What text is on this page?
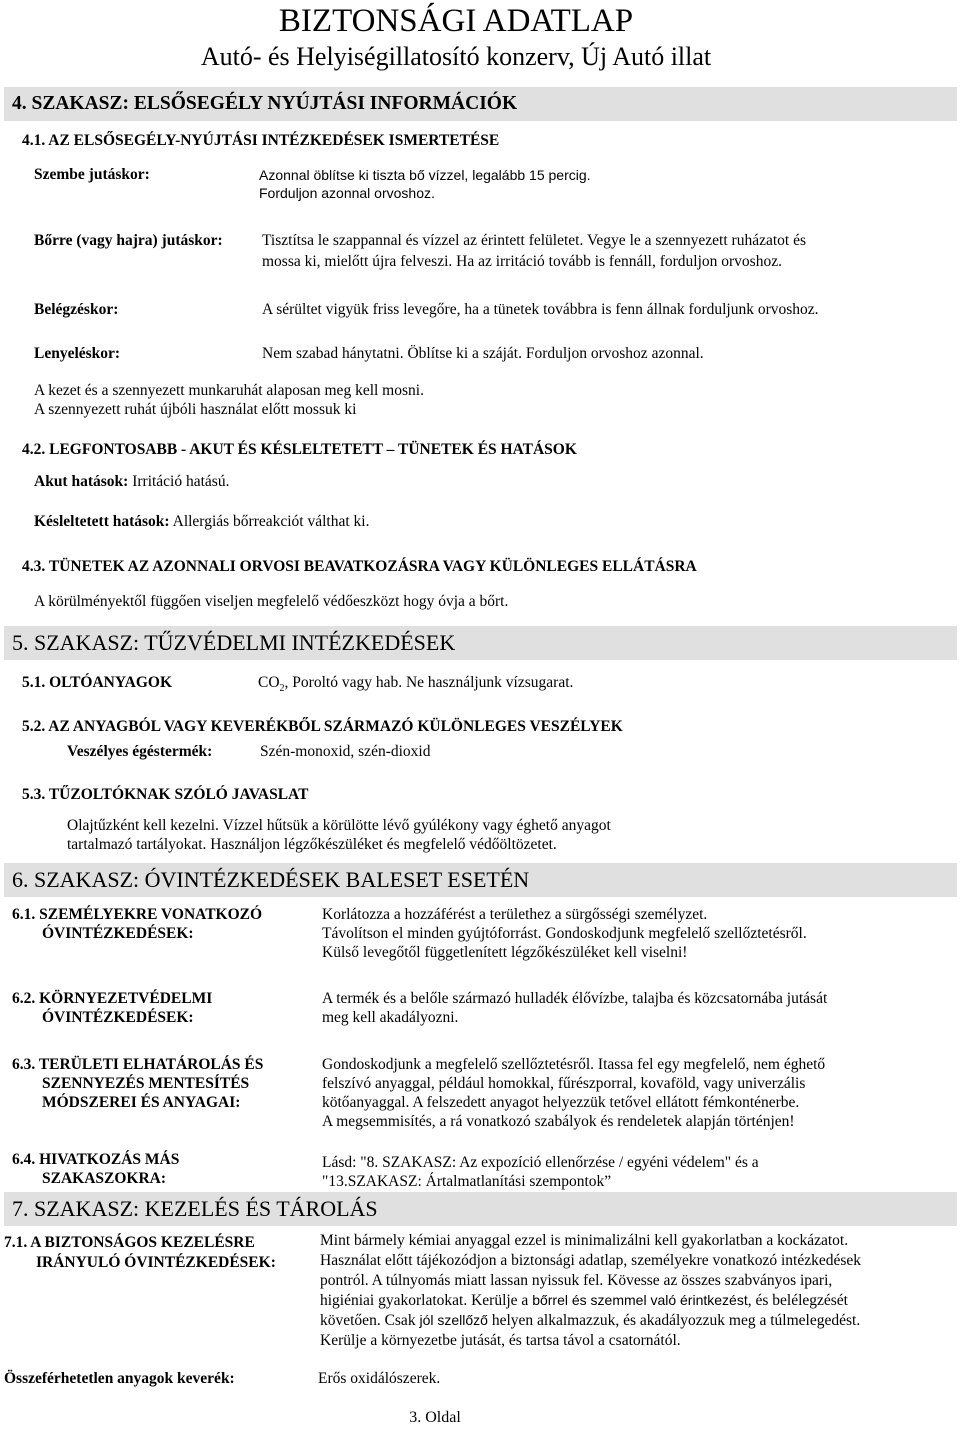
BIZTONSÁGI ADATLAP
Autó- és Helyiségillatosító konzerv, Új Autó illat
4. SZAKASZ: ELSŐSEGÉLY NYÚJTÁSI INFORMÁCIÓK
4.1. AZ ELSŐSEGÉLY-NYÚJTÁSI INTÉZKEDÉSEK ISMERTETÉSE
Szembe jutáskor:	Azonnal öblítse ki tiszta bő vízzel, legalább 15 percig.
Forduljon azonnal orvoshoz.
Bőrre (vagy hajra) jutáskor:	Tisztítsa le szappannal és vízzel az érintett felületet. Vegye le a szennyezett ruházatot és
mossa ki, mielőtt újra felveszi. Ha az irritáció tovább is fennáll, forduljon orvoshoz.
Belégzéskor:	A sérültet vigyük friss levegőre, ha a tünetek továbbra is fenn állnak forduljunk orvoshoz.
Lenyeléskor:	Nem szabad hánytatni. Öblítse ki a száját. Forduljon orvoshoz azonnal.
A kezet és a szennyezett munkaruhát alaposan meg kell mosni.
A szennyezett ruhát újbóli használat előtt mossuk ki
4.2. LEGFONTOSABB - AKUT ÉS KÉSLELTETETT – TÜNETEK ÉS HATÁSOK
Akut hatások: Irritáció hatású.
Késleltetett hatások: Allergiás bőrreakciót válthat ki.
4.3. TÜNETEK AZ AZONNALI ORVOSI BEAVATKOZÁSRA VAGY KÜLÖNLEGES ELLÁTÁSRA
A körülményektől függően viseljen megfelelő védőeszközt hogy óvja a bőrt.
5. SZAKASZ: TŰZVÉDELMI INTÉZKEDÉSEK
5.1. OLTÓANYAGOK	$CO_2$, Poroltó vagy hab. Ne használjunk vízsugarat.
5.2. AZ ANYAGBÓL VAGY KEVERÉKBŐL SZÁRMAZÓ KÜLÖNLEGES VESZÉLYEK
Veszélyes égéstermék:	Szén-monoxid, szén-dioxid
5.3. TŰZOLTÓKNAK SZÓLÓ JAVASLAT
Olajtűzként kell kezelni. Vízzel hűtsük a körülötte lévő gyúlékony vagy éghető anyagot
tartalmazó tartályokat. Használjon légzőkészüléket és megfelelő védőöltözetet.
6. SZAKASZ: ÓVINTÉZKEDÉSEK BALESET ESETÉN
6.1. SZEMÉLYEKRE VONATKOZÓ
ÓVINTÉZKEDÉSEK:
Korlátozza a hozzáférést a területhez a sürgősségi személyzet.
Távolítson el minden gyújtóforrást. Gondoskodjunk megfelelő szellőztetésről.
Külső levegőtől függetlenített légzőkészüléket kell viselni!
6.2. KÖRNYEZETVÉDELMI
ÓVINTÉZKEDÉSEK:
A termék és a belőle származó hulladék élővízbe, talajba és közcsatornába jutását
meg kell akadályozni.
6.3. TERÜLETI ELHATÁROLÁS ÉS
SZENNYEZÉS MENTESÍTÉS
MÓDSZEREI ÉS ANYAGAI:
Gondoskodjunk a megfelelő szellőztetésről. Itassa fel egy megfelelő, nem éghető
felszívó anyaggal, például homokkal, fűrészporral, kovaföld, vagy univerzális
kötőanyaggal. A felszedett anyagot helyezzük tetővel ellátott fémkonténerbe.
A megsemmisítés, a rá vonatkozó szabályok és rendeletek alapján történjen!
6.4. HIVATKOZÁS MÁS
SZAKASZOKRA:
Lásd: "8. SZAKASZ: Az expozíció ellenőrzése / egyéni védelem" és a
"13.SZAKASZ: Ártalmatlanítási szempontok”
7. SZAKASZ: KEZELÉS ÉS TÁROLÁS
7.1. A BIZTONSÁGOS KEZELÉSRE
IRÁNYULÓ ÓVINTÉZKEDÉSEK:
Mint bármely kémiai anyaggal ezzel is minimalizálni kell gyakorlatban a kockázatot.
Használat előtt tájékozódjon a biztonsági adatlap, személyekre vonatkozó intézkedések
pontról. A túlnyomás miatt lassan nyissuk fel. Kövesse az összes szabványos ipari,
higiéniai gyakorlatokat. Kerülje a bőrrel és szemmel való érintkezést, és belélegzését
követően. Csak jól szellőző helyen alkalmazzuk, és akadályozzuk meg a túlmelegedést.
Kerülje a környezetbe jutását, és tartsa távol a csatornától.
Összeférhetetlen anyagok keverék:	Erős oxidálószerek.
3. Oldal
